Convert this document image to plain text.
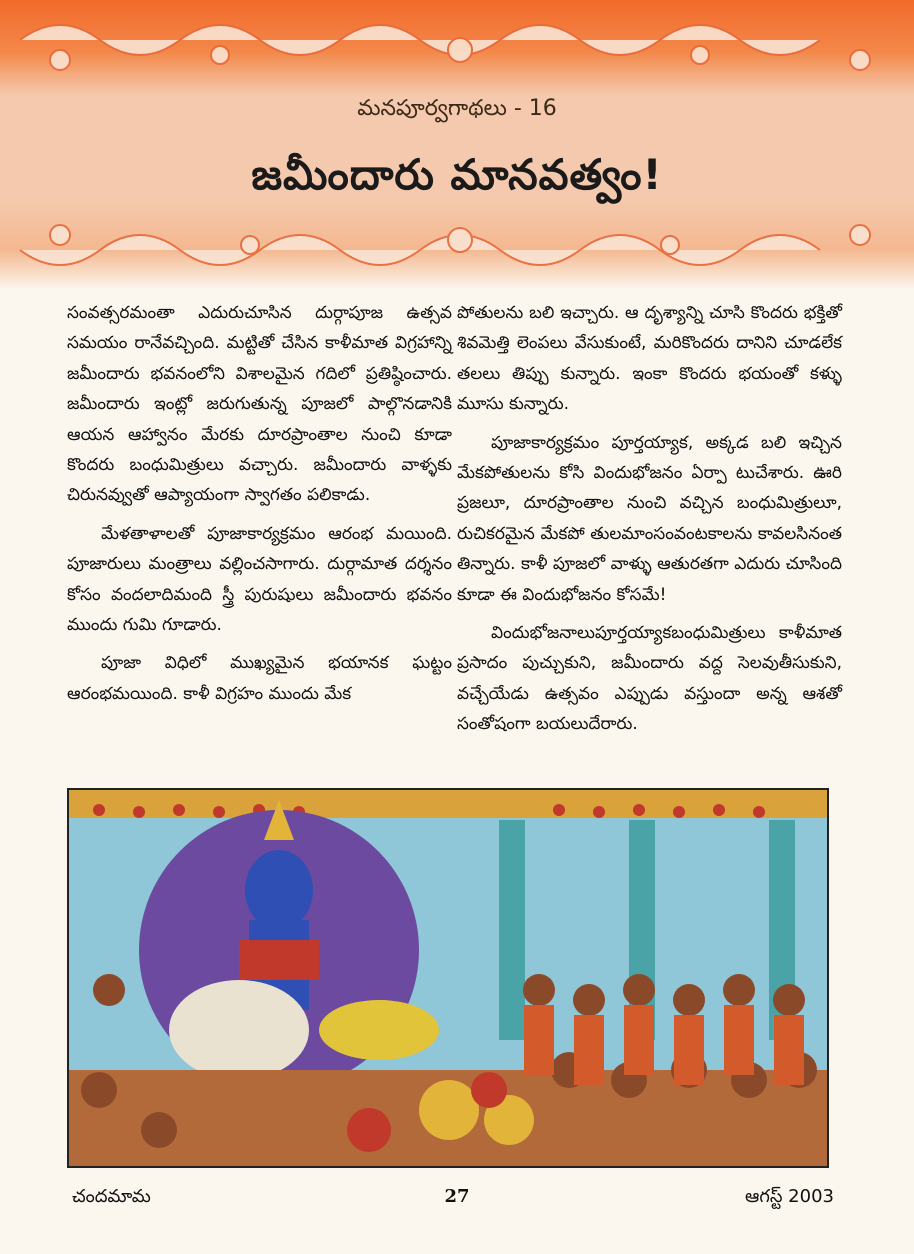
మనపూర్వగాథలు - 16
జమీందారు మానవత్వం!

సంవత్సరమంతా ఎదురుచూసిన దుర్గాపూజ ఉత్సవ సమయం రానేవచ్చింది. మట్టితో చేసిన కాళీమాత విగ్రహాన్ని జమీందారు భవనంలోని విశాలమైన గదిలో ప్రతిష్ఠించారు. జమీందారు ఇంట్లో జరుగుతున్న పూజలో పాల్గొనడానికి ఆయన ఆహ్వానం మేరకు దూరప్రాంతాల నుంచి కూడా కొందరు బంధుమిత్రులు వచ్చారు. జమీందారు వాళ్ళకు చిరునవ్వుతో ఆప్యాయంగా స్వాగతం పలికాడు.

మేళతాళాలతో పూజాకార్యక్రమం ఆరంభ మయింది. పూజారులు మంత్రాలు వల్లించసాగారు. దుర్గామాత దర్శనం కోసం వందలాదిమంది స్త్రీ పురుషులు జమీందారు భవనం ముందు గుమి గూడారు.

పూజా విధిలో ముఖ్యమైన భయానక ఘట్టం ఆరంభమయింది. కాళీ విగ్రహం ముందు మేక

పోతులను బలి ఇచ్చారు. ఆ దృశ్యాన్ని చూసి కొందరు భక్తితో శివమెత్తి లెంపలు వేసుకుంటే, మరికొందరు దానిని చూడలేక తలలు తిప్పు కున్నారు. ఇంకా కొందరు భయంతో కళ్ళు మూసు కున్నారు.

పూజాకార్యక్రమం పూర్తయ్యాక, అక్కడ బలి ఇచ్చిన మేకపోతులను కోసి విందుభోజనం ఏర్పా టుచేశారు. ఊరి ప్రజలూ, దూరప్రాంతాల నుంచి వచ్చిన బంధుమిత్రులూ, రుచికరమైన మేకపో తులమాంసంవంటకాలను కావలసినంత తిన్నారు. కాళీ పూజలో వాళ్ళు ఆతురతగా ఎదురు చూసింది కూడా ఈ విందుభోజనం కోసమే!

విందుభోజనాలుపూర్తయ్యాకబంధుమిత్రులు కాళీమాత ప్రసాదం పుచ్చుకుని, జమీందారు వద్ద సెలవుతీసుకుని, వచ్చేయేడు ఉత్సవం ఎప్పుడు వస్తుందా అన్న ఆశతో సంతోషంగా బయలుదేరారు.

చందమామ	27	ఆగస్ట్ 2003
